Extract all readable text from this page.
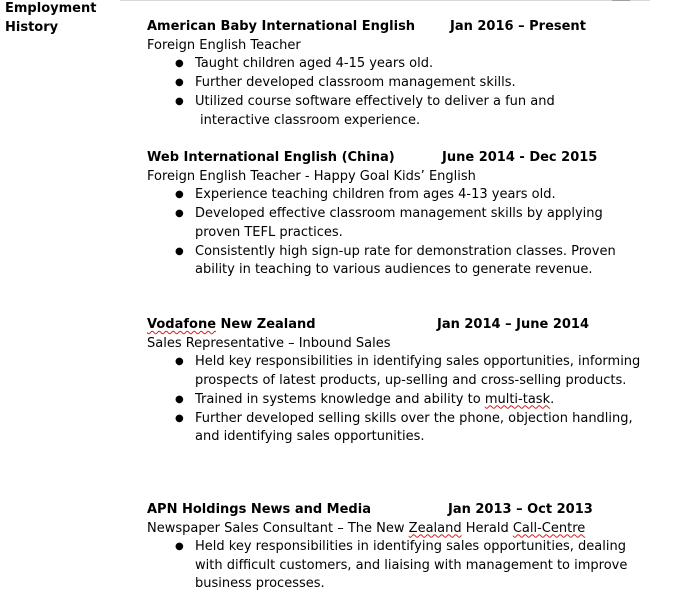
Employment
History	American Baby International English	Jan 2016 – Present
Foreign English Teacher
● Taught children aged 4-15 years old.
● Further developed classroom management skills.
● Utilized course software effectively to deliver a fun and
interactive classroom experience.
Web International English (China)	June 2014 - Dec 2015
Foreign English Teacher - Happy Goal Kids’ English
● Experience teaching children from ages 4-13 years old.
● Developed effective classroom management skills by applying proven TEFL practices.
● Consistently high sign-up rate for demonstration classes. Proven ability in teaching to various audiences to generate revenue.
Vodafone New Zealand	Jan 2014 – June 2014
Sales Representative – Inbound Sales
● Held key responsibilities in identifying sales opportunities, informing prospects of latest products, up-selling and cross-selling products.
● Trained in systems knowledge and ability to multi-task.
● Further developed selling skills over the phone, objection handling, and identifying sales opportunities.
APN Holdings News and Media	Jan 2013 – Oct 2013
Newspaper Sales Consultant – The New Zealand Herald Call-Centre
● Held key responsibilities in identifying sales opportunities, dealing with difficult customers, and liaising with management to improve business processes.
